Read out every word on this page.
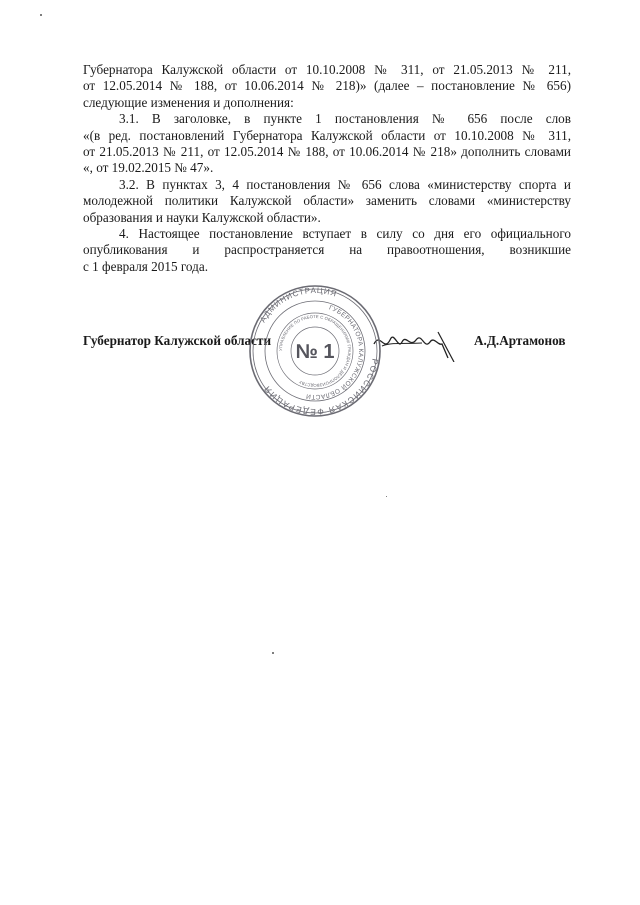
Губернатора Калужской области от 10.10.2008 № 311, от 21.05.2013 № 211,

от 12.05.2014 № 188, от 10.06.2014 № 218)» (далее – постановление № 656)

следующие изменения и дополнения:

3.1. В заголовке, в пункте 1 постановления № 656 после слов

«(в ред. постановлений Губернатора Калужской области от 10.10.2008 № 311,

от 21.05.2013 № 211, от 12.05.2014 № 188, от 10.06.2014 № 218» дополнить словами

«, от 19.02.2015 № 47».

3.2. В пунктах 3, 4 постановления № 656 слова «министерству спорта и

молодежной политики Калужской области» заменить словами «министерству

образования и науки Калужской области».

4. Настоящее постановление вступает в силу со дня его официального

опубликования и распространяется на правоотношения, возникшие

с 1 февраля 2015 года.

Губернатор Калужской области
РОССИЙСКАЯ ФЕДЕРАЦИЯ
АДМИНИСТРАЦИЯ
ГУБЕРНАТОРА КАЛУЖСКОЙ ОБЛАСТИ
УПРАВЛЕНИЕ ПО РАБОТЕ С ОБРАЩЕНИЯМИ ГРАЖДАН И ДЕЛОПРОИЗВОДСТВУ
№ 1
А.Д.Артамонов
